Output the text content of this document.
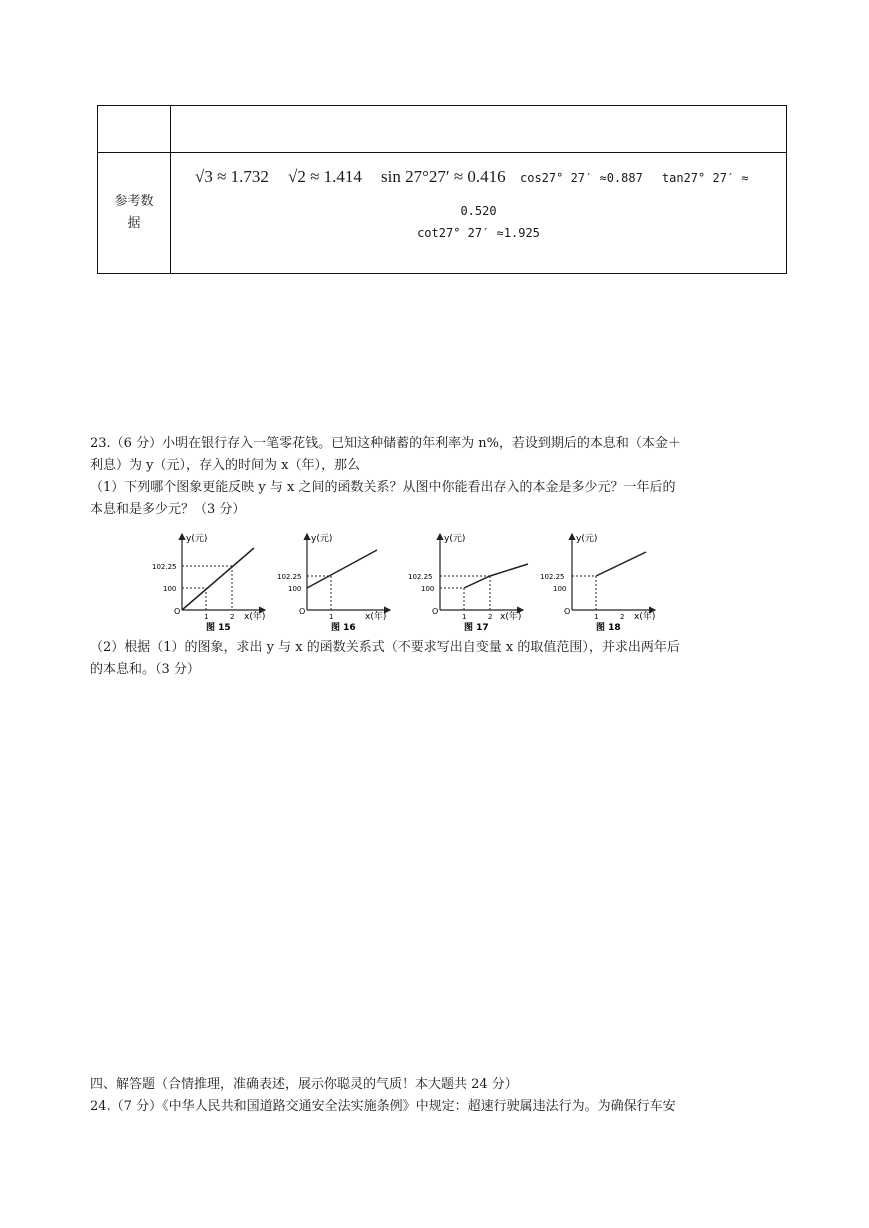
参考数据	√3 ≈ 1.732 √2 ≈ 1.414 sin 27°27′ ≈ 0.416 cos27° 27′ ≈0.887 tan27° 27′ ≈
0.520
cot27° 27′ ≈1.925
23.（6 分）小明在银行存入一笔零花钱。已知这种储蓄的年利率为 n%，若设到期后的本息和（本金＋
利息）为 y（元），存入的时间为 x（年），那么
（1）下列哪个图象更能反映 y 与 x 之间的函数关系？从图中你能看出存入的本金是多少元？一年后的
本息和是多少元？（3 分）
y(元)
102.25
100
O
1	2 x(年)
图 15
y(元)
102.25
100
O
1	x(年)
图 16
y(元)
102.25
100
O
1	2 x(年)
图 17
y(元)
102.25
100
O
1	2 x(年)
图 18
（2）根据（1）的图象，求出 y 与 x 的函数关系式（不要求写出自变量 x 的取值范围），并求出两年后
的本息和。（3 分）
四、解答题（合情推理，准确表述，展示你聪灵的气质！本大题共 24 分）
24.（7 分）《中华人民共和国道路交通安全法实施条例》中规定：超速行驶属违法行为。为确保行车安
